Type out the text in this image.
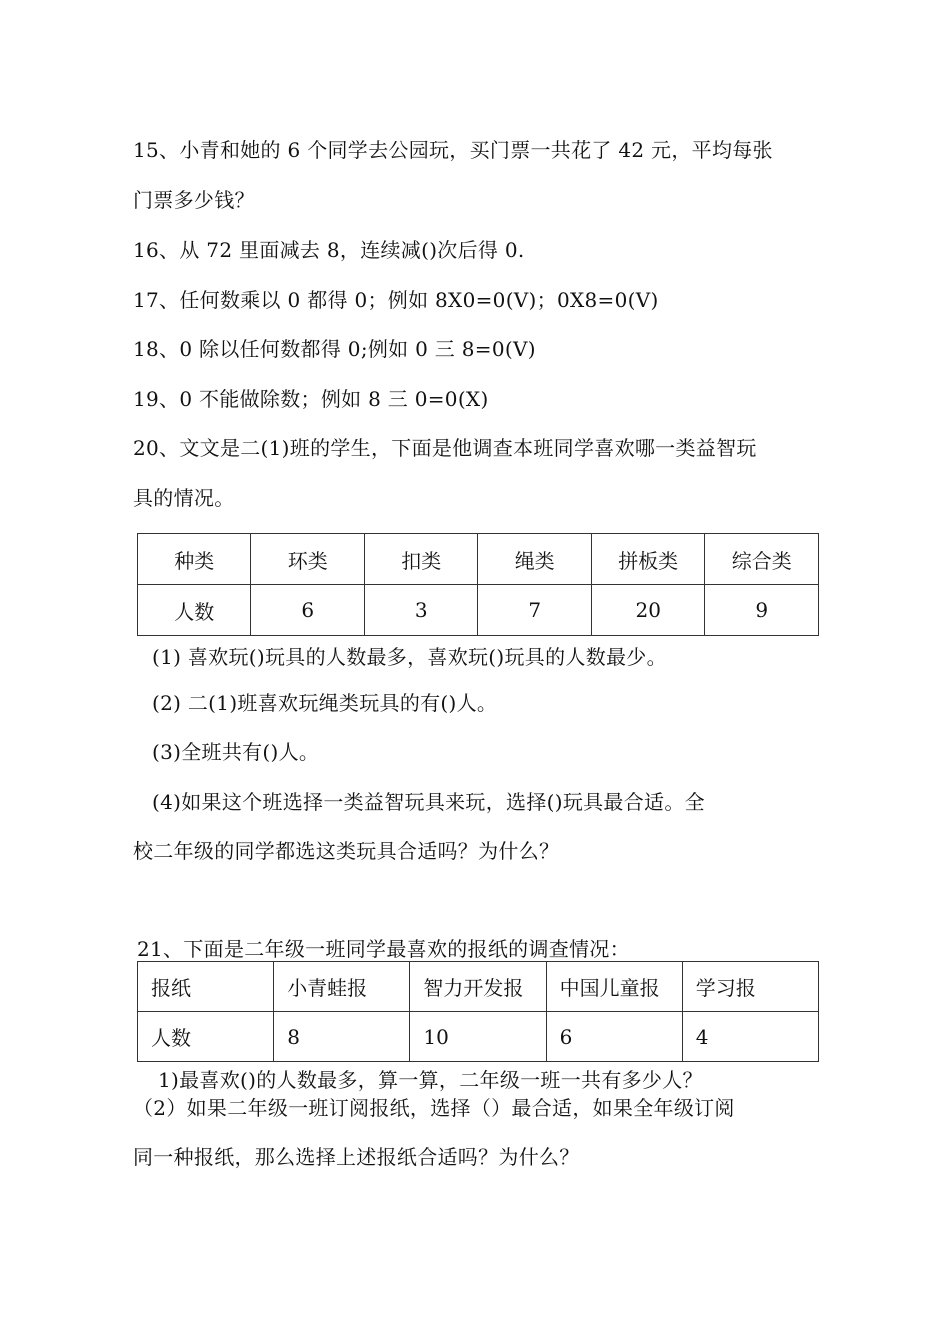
15、小青和她的 6 个同学去公园玩，买门票一共花了 42 元，平均每张
门票多少钱？
16、从 72 里面减去 8，连续减()次后得 0.
17、任何数乘以 0 都得 0；例如 8X0=0(V)；0X8=0(V)
18、0 除以任何数都得 0;例如 0 三 8=0(V)
19、0 不能做除数；例如 8 三 0=0(X)
20、文文是二(1)班的学生，下面是他调查本班同学喜欢哪一类益智玩
具的情况。
种类	环类	扣类	绳类	拼板类	综合类
人数	6	3	7	20	9
(1) 喜欢玩()玩具的人数最多，喜欢玩()玩具的人数最少。
(2) 二(1)班喜欢玩绳类玩具的有()人。
(3)全班共有()人。
(4)如果这个班选择一类益智玩具来玩，选择()玩具最合适。全
校二年级的同学都选这类玩具合适吗？为什么？
21、下面是二年级一班同学最喜欢的报纸的调查情况：
报纸	小青蛙报	智力开发报	中国儿童报	学习报
人数	8	10	6	4
1)最喜欢()的人数最多，算一算，二年级一班一共有多少人？
（2）如果二年级一班订阅报纸，选择（）最合适，如果全年级订阅
同一种报纸，那么选择上述报纸合适吗？为什么？
